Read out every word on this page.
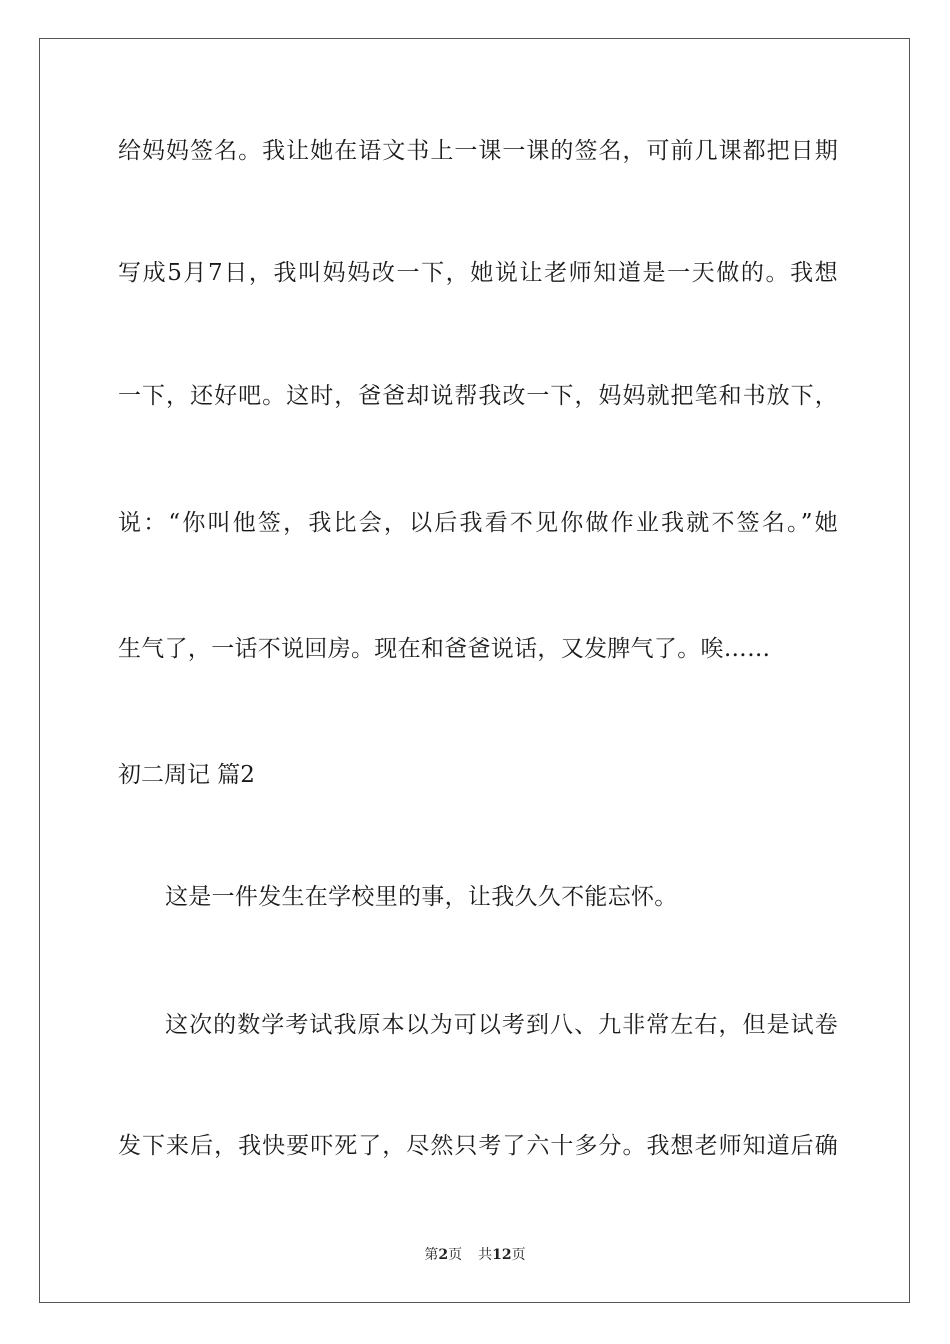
给妈妈签名。我让她在语文书上一课一课的签名，可前几课都把日期
写成5月7日，我叫妈妈改一下，她说让老师知道是一天做的。我想
一下，还好吧。这时，爸爸却说帮我改一下，妈妈就把笔和书放下，
说：“你叫他签，我比会，以后我看不见你做作业我就不签名。”她
生气了，一话不说回房。现在和爸爸说话，又发脾气了。唉……
初二周记 篇2
这是一件发生在学校里的事，让我久久不能忘怀。
这次的数学考试我原本以为可以考到八、九非常左右，但是试卷
发下来后，我快要吓死了，尽然只考了六十多分。我想老师知道后确
第2页 共12页
